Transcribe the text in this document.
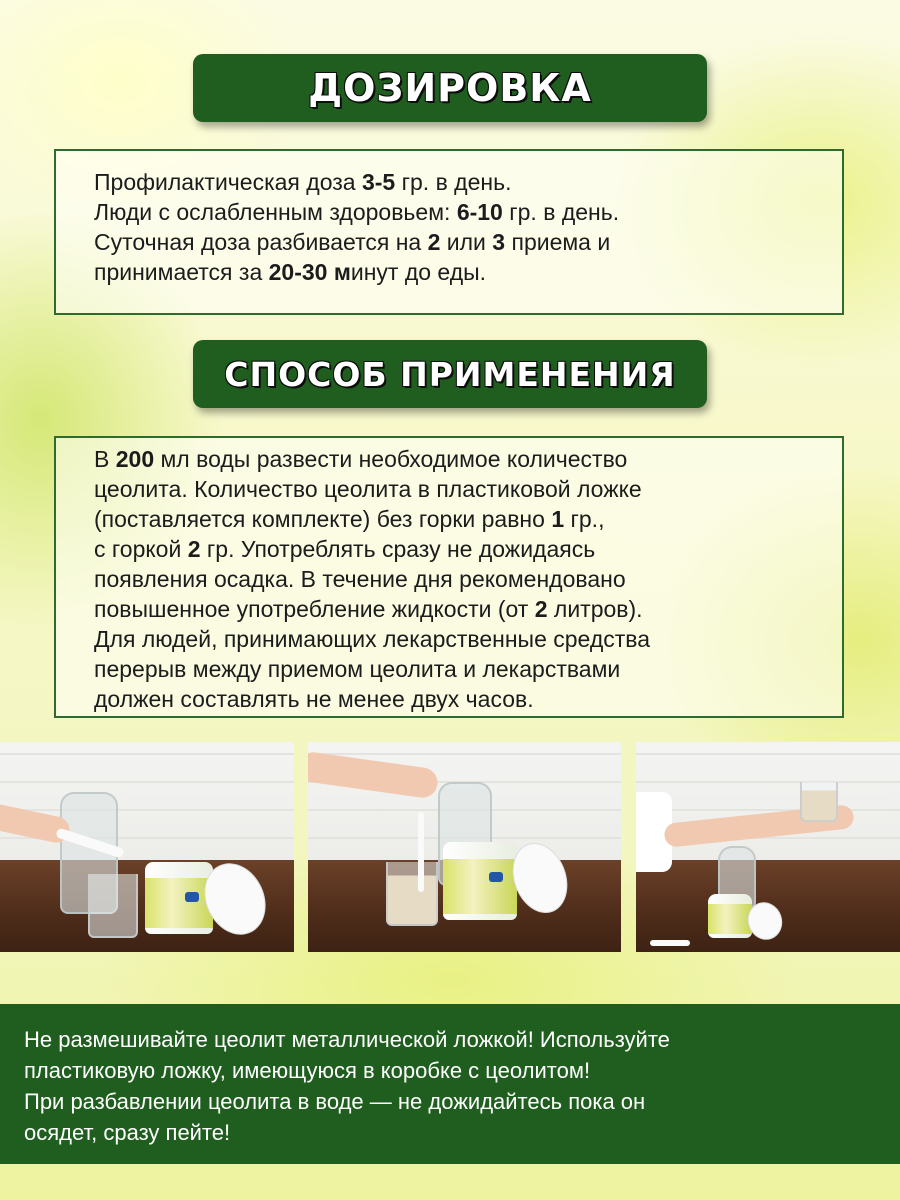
ДОЗИРОВКА
Профилактическая доза 3-5 гр. в день.
Люди с ослабленным здоровьем: 6-10 гр. в день.
Суточная доза разбивается на 2 или 3 приема и
принимается за 20-30 минут до еды.
СПОСОБ ПРИМЕНЕНИЯ
В 200 мл воды развести необходимое количество
цеолита. Количество цеолита в пластиковой ложке
(поставляется комплекте) без горки равно 1 гр.,
с горкой 2 гр. Употреблять сразу не дожидаясь
появления осадка. В течение дня рекомендовано
повышенное употребление жидкости (от 2 литров).
Для людей, принимающих лекарственные средства
перерыв между приемом цеолита и лекарствами
должен составлять не менее двух часов.
Не размешивайте цеолит металлической ложкой! Используйте
пластиковую ложку, имеющуюся в коробке с цеолитом!
При разбавлении цеолита в воде — не дожидайтесь пока он
осядет, сразу пейте!
